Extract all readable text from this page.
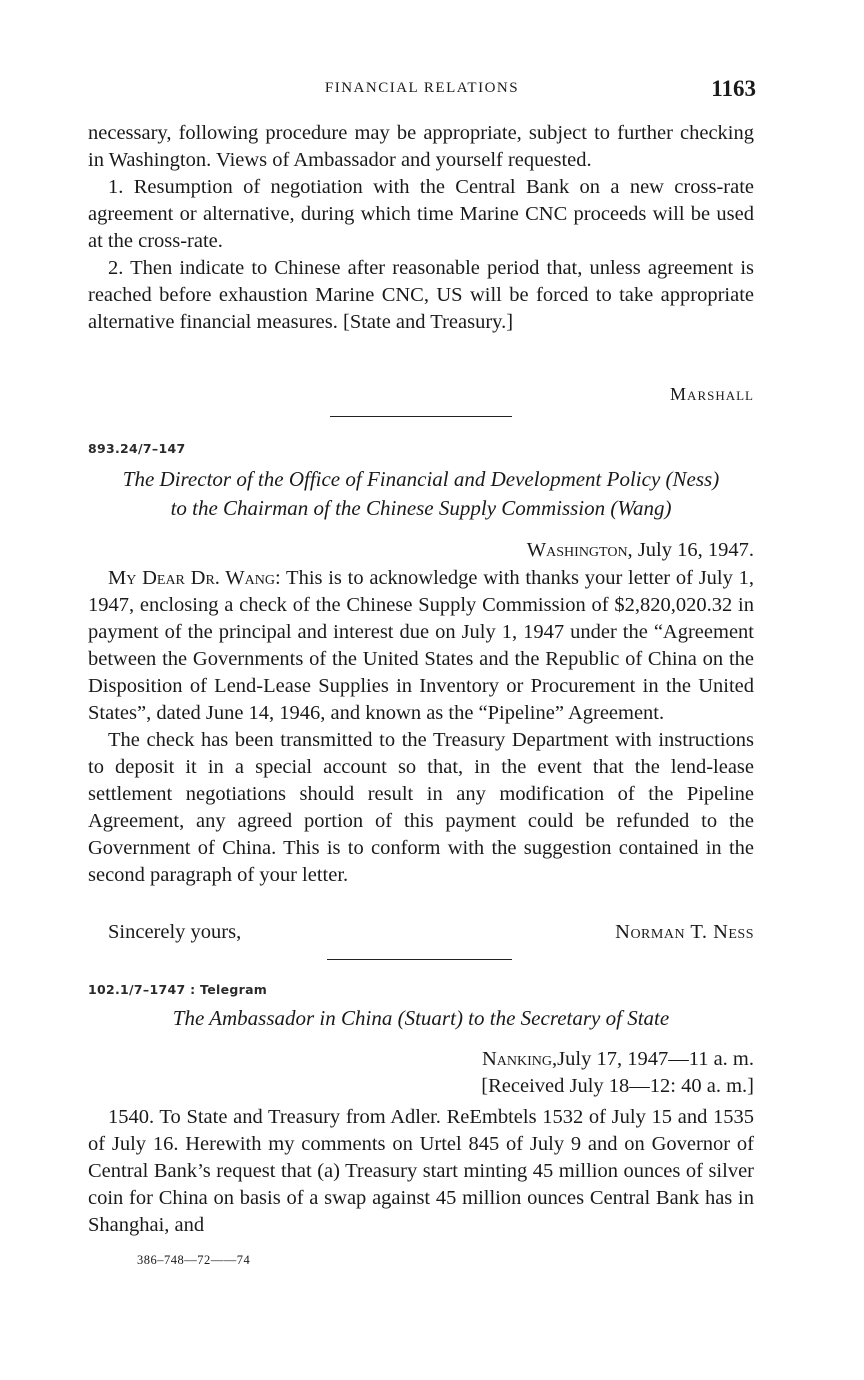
FINANCIAL RELATIONS	1163

necessary, following procedure may be appropriate, subject to further checking in Washington. Views of Ambassador and yourself requested.

1. Resumption of negotiation with the Central Bank on a new cross-rate agreement or alternative, during which time Marine CNC proceeds will be used at the cross-rate.

2. Then indicate to Chinese after reasonable period that, unless agreement is reached before exhaustion Marine CNC, US will be forced to take appropriate alternative financial measures. [State and Treasury.]

Marshall
893.24/7–147
The Director of the Office of Financial and Development Policy (Ness)
to the Chairman of the Chinese Supply Commission (Wang)
Washington, July 16, 1947.

My Dear Dr. Wang: This is to acknowledge with thanks your letter of July 1, 1947, enclosing a check of the Chinese Supply Commission of $2,820,020.32 in payment of the principal and interest due on July 1, 1947 under the “Agreement between the Governments of the United States and the Republic of China on the Disposition of Lend-Lease Supplies in Inventory or Procurement in the United States”, dated June 14, 1946, and known as the “Pipeline” Agreement.

The check has been transmitted to the Treasury Department with instructions to deposit it in a special account so that, in the event that the lend-lease settlement negotiations should result in any modification of the Pipeline Agreement, any agreed portion of this payment could be refunded to the Government of China. This is to conform with the suggestion contained in the second paragraph of your letter.

Sincerely yours,	Norman T. Ness
102.1/7–1747 : Telegram
The Ambassador in China (Stuart) to the Secretary of State
Nanking,July 17, 1947—11 a. m.
[Received July 18—12: 40 a. m.]

1540. To State and Treasury from Adler. ReEmbtels 1532 of July 15 and 1535 of July 16. Herewith my comments on Urtel 845 of July 9 and on Governor of Central Bank’s request that (a) Treasury start minting 45 million ounces of silver coin for China on basis of a swap against 45 million ounces Central Bank has in Shanghai, and

386–748—72——74
